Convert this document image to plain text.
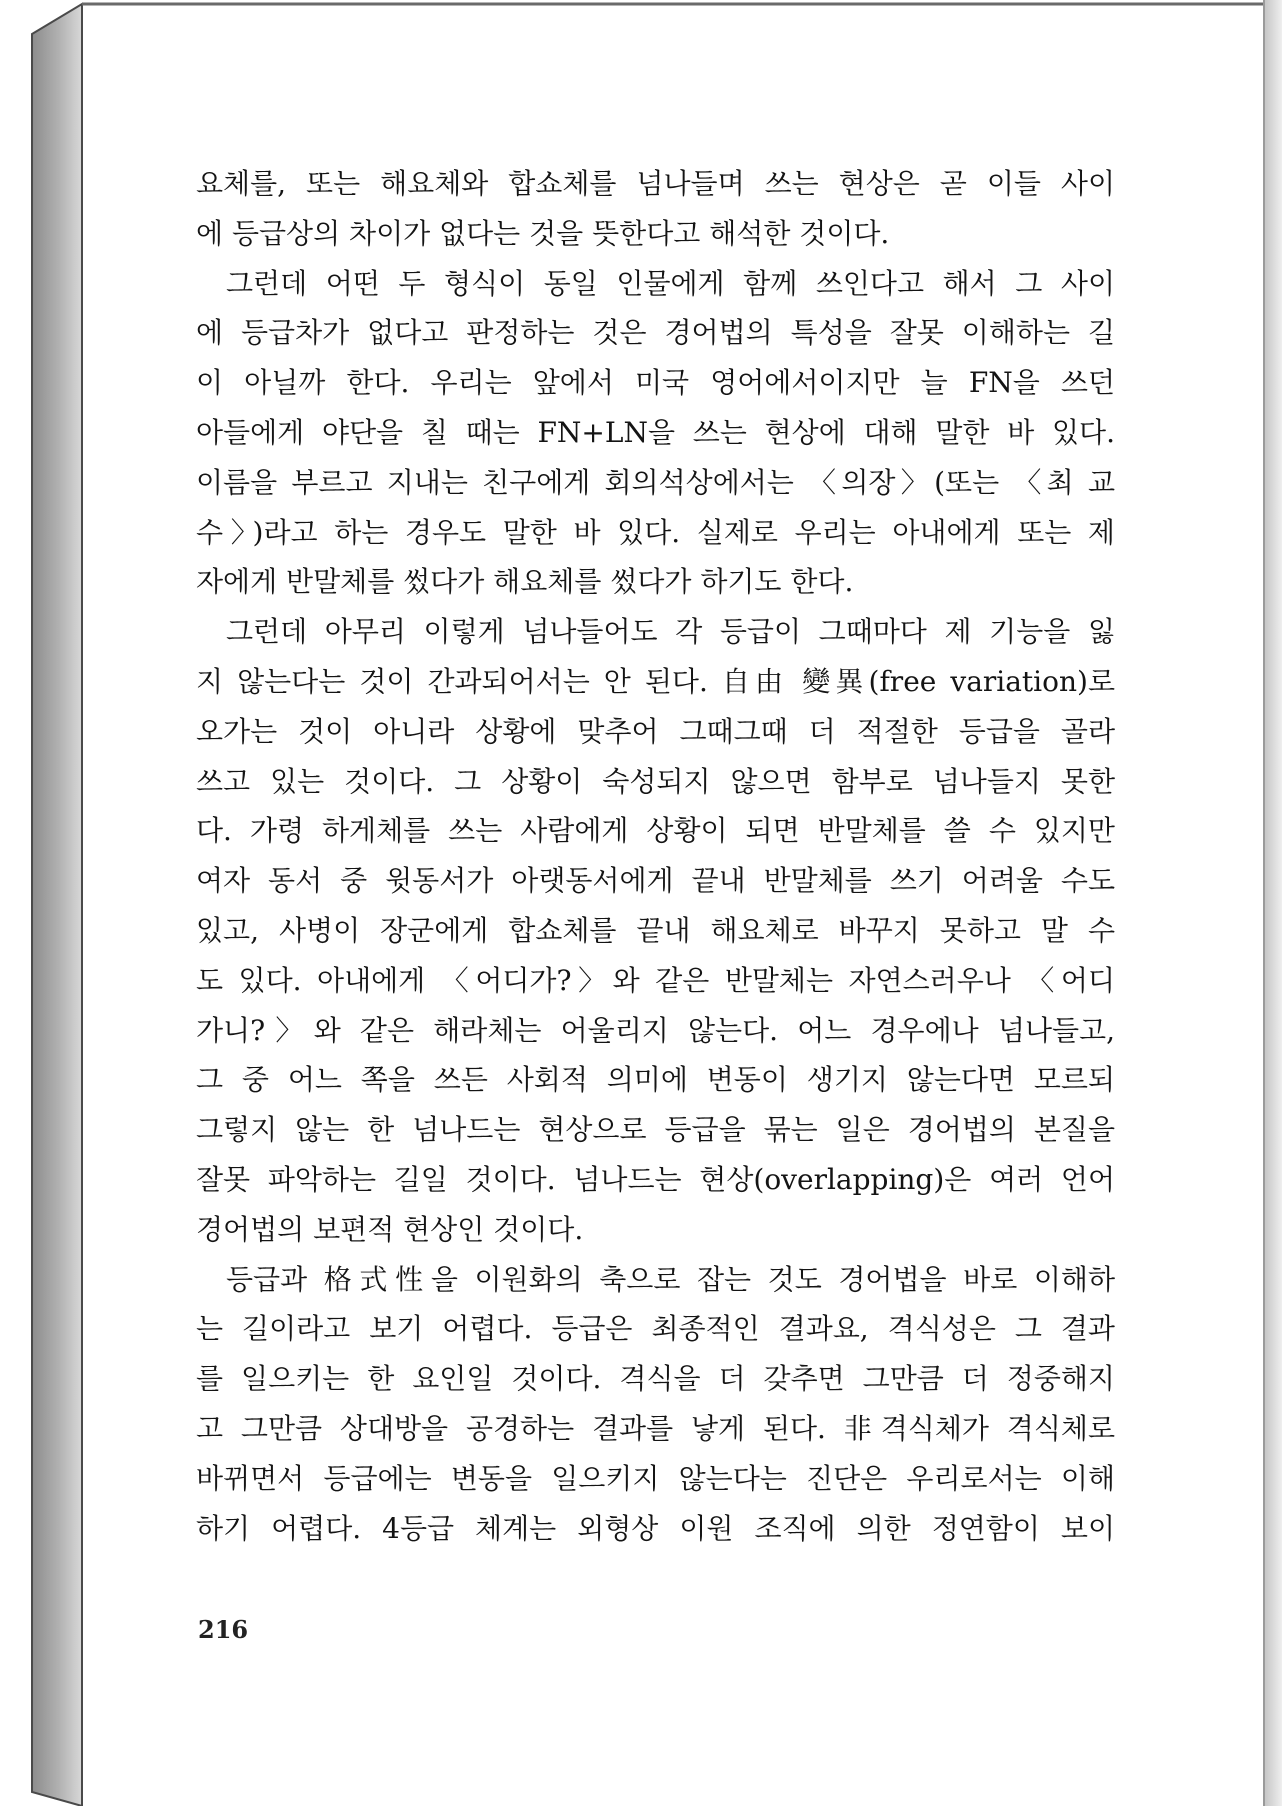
요체를, 또는 해요체와 합쇼체를 넘나들며 쓰는 현상은 곧 이들 사이
에 등급상의 차이가 없다는 것을 뜻한다고 해석한 것이다.
그런데 어떤 두 형식이 동일 인물에게 함께 쓰인다고 해서 그 사이
에 등급차가 없다고 판정하는 것은 경어법의 특성을 잘못 이해하는 길
이 아닐까 한다. 우리는 앞에서 미국 영어에서이지만 늘 FN을 쓰던
아들에게 야단을 칠 때는 FN+LN을 쓰는 현상에 대해 말한 바 있다.
이름을 부르고 지내는 친구에게 회의석상에서는 〈의장〉(또는 〈최 교
수〉)라고 하는 경우도 말한 바 있다. 실제로 우리는 아내에게 또는 제
자에게 반말체를 썼다가 해요체를 썼다가 하기도 한다.
그런데 아무리 이렇게 넘나들어도 각 등급이 그때마다 제 기능을 잃
지 않는다는 것이 간과되어서는 안 된다. 自由 變異(free variation)로
오가는 것이 아니라 상황에 맞추어 그때그때 더 적절한 등급을 골라
쓰고 있는 것이다. 그 상황이 숙성되지 않으면 함부로 넘나들지 못한
다. 가령 하게체를 쓰는 사람에게 상황이 되면 반말체를 쓸 수 있지만
여자 동서 중 윗동서가 아랫동서에게 끝내 반말체를 쓰기 어려울 수도
있고, 사병이 장군에게 합쇼체를 끝내 해요체로 바꾸지 못하고 말 수
도 있다. 아내에게 〈어디가?〉와 같은 반말체는 자연스러우나 〈어디
가니?〉와 같은 해라체는 어울리지 않는다. 어느 경우에나 넘나들고,
그 중 어느 쪽을 쓰든 사회적 의미에 변동이 생기지 않는다면 모르되
그렇지 않는 한 넘나드는 현상으로 등급을 묶는 일은 경어법의 본질을
잘못 파악하는 길일 것이다. 넘나드는 현상(overlapping)은 여러 언어
경어법의 보편적 현상인 것이다.
등급과 格式性을 이원화의 축으로 잡는 것도 경어법을 바로 이해하
는 길이라고 보기 어렵다. 등급은 최종적인 결과요, 격식성은 그 결과
를 일으키는 한 요인일 것이다. 격식을 더 갖추면 그만큼 더 정중해지
고 그만큼 상대방을 공경하는 결과를 낳게 된다. 非격식체가 격식체로
바뀌면서 등급에는 변동을 일으키지 않는다는 진단은 우리로서는 이해
하기 어렵다. 4등급 체계는 외형상 이원 조직에 의한 정연함이 보이
216
